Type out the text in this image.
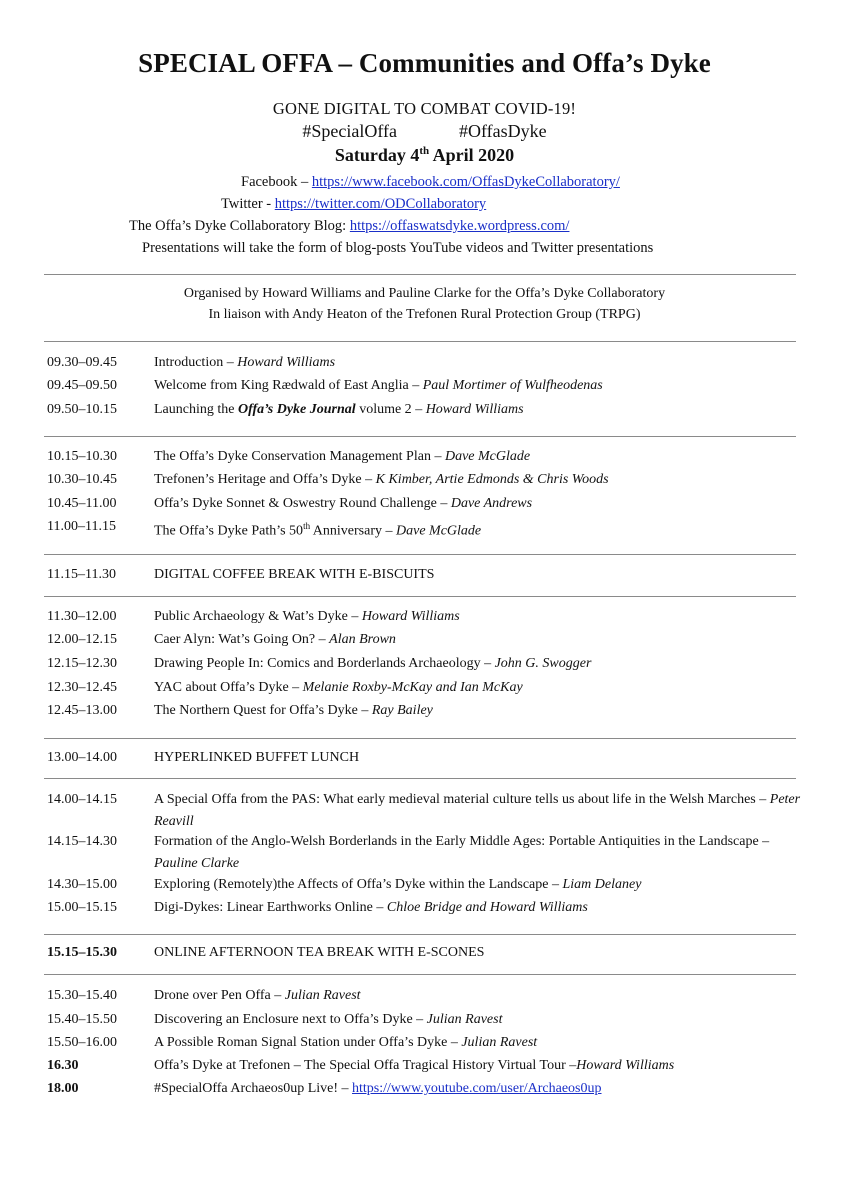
SPECIAL OFFA – Communities and Offa’s Dyke
GONE DIGITAL TO COMBAT COVID-19!
#SpecialOffa	#OffasDyke
Saturday 4th April 2020
Facebook – https://www.facebook.com/OffasDykeCollaboratory/
Twitter - https://twitter.com/ODCollaboratory
The Offa’s Dyke Collaboratory Blog: https://offaswatsdyke.wordpress.com/
Presentations will take the form of blog-posts YouTube videos and Twitter presentations
Organised by Howard Williams and Pauline Clarke for the Offa’s Dyke Collaboratory
In liaison with Andy Heaton of the Trefonen Rural Protection Group (TRPG)
09.30–09.45	Introduction – Howard Williams
09.45–09.50	Welcome from King Rædwald of East Anglia – Paul Mortimer of Wulfheodenas
09.50–10.15	Launching the Offa’s Dyke Journal volume 2 – Howard Williams
10.15–10.30	The Offa’s Dyke Conservation Management Plan – Dave McGlade
10.30–10.45	Trefonen’s Heritage and Offa’s Dyke – K Kimber, Artie Edmonds & Chris Woods
10.45–11.00	Offa’s Dyke Sonnet & Oswestry Round Challenge – Dave Andrews
11.00–11.15	The Offa’s Dyke Path’s 50th Anniversary – Dave McGlade
11.15–11.30	DIGITAL COFFEE BREAK WITH E-BISCUITS
11.30–12.00	Public Archaeology & Wat’s Dyke – Howard Williams
12.00–12.15	Caer Alyn: Wat’s Going On? – Alan Brown
12.15–12.30	Drawing People In: Comics and Borderlands Archaeology – John G. Swogger
12.30–12.45	YAC about Offa’s Dyke – Melanie Roxby-McKay and Ian McKay
12.45–13.00	The Northern Quest for Offa’s Dyke – Ray Bailey
13.00–14.00	HYPERLINKED BUFFET LUNCH
14.00–14.15	A Special Offa from the PAS: What early medieval material culture tells us about life in the Welsh Marches – Peter Reavill
14.15–14.30	Formation of the Anglo-Welsh Borderlands in the Early Middle Ages: Portable Antiquities in the Landscape – Pauline Clarke
14.30–15.00	Exploring (Remotely)the Affects of Offa’s Dyke within the Landscape – Liam Delaney
15.00–15.15	Digi-Dykes: Linear Earthworks Online – Chloe Bridge and Howard Williams
15.15–15.30	ONLINE AFTERNOON TEA BREAK WITH E-SCONES
15.30–15.40	Drone over Pen Offa – Julian Ravest
15.40–15.50	Discovering an Enclosure next to Offa’s Dyke – Julian Ravest
15.50–16.00	A Possible Roman Signal Station under Offa’s Dyke – Julian Ravest
16.30	Offa’s Dyke at Trefonen – The Special Offa Tragical History Virtual Tour –Howard Williams
18.00	#SpecialOffa Archaeos0up Live! – https://www.youtube.com/user/Archaeos0up
